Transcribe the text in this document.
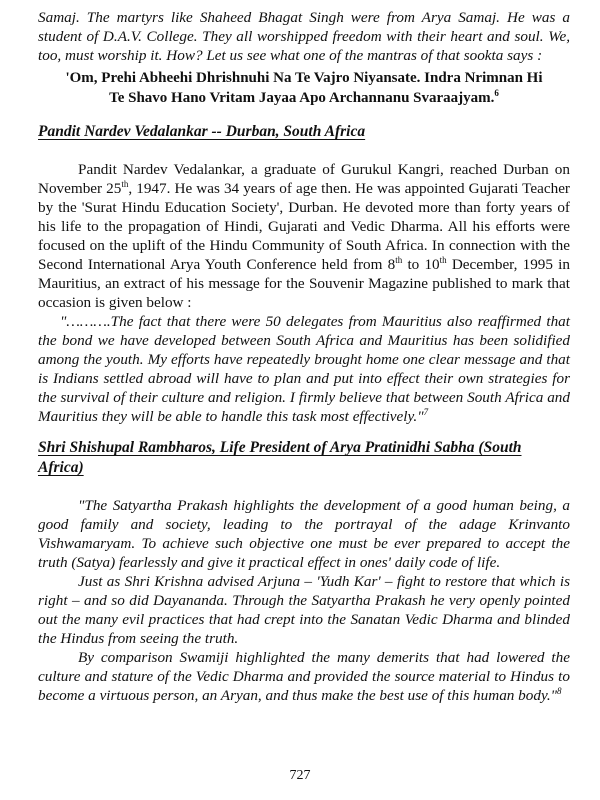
Samaj. The martyrs like Shaheed Bhagat Singh were from Arya Samaj. He was a student of D.A.V. College. They all worshipped freedom with their heart and soul. We, too, must worship it. How? Let us see what one of the mantras of that sookta says :

'Om, Prehi Abheehi Dhrishnuhi Na Te Vajro Niyansate. Indra Nrimnan Hi
Te Shavo Hano Vritam Jayaa Apo Archannanu Svaraajyam.$^6$
Pandit Nardev Vedalankar -- Durban, South Africa

Pandit Nardev Vedalankar, a graduate of Gurukul Kangri, reached Durban on November 25th, 1947. He was 34 years of age then. He was appointed Gujarati Teacher by the 'Surat Hindu Education Society', Durban. He devoted more than forty years of his life to the propagation of Hindi, Gujarati and Vedic Dharma. All his efforts were focused on the uplift of the Hindu Community of South Africa. In connection with the Second International Arya Youth Conference held from 8th to 10th December, 1995 in Mauritius, an extract of his message for the Souvenir Magazine published to mark that occasion is given below :

"……….The fact that there were 50 delegates from Mauritius also reaffirmed that the bond we have developed between South Africa and Mauritius has been solidified among the youth. My efforts have repeatedly brought home one clear message and that is Indians settled abroad will have to plan and put into effect their own strategies for the survival of their culture and religion. I firmly believe that between South Africa and Mauritius they will be able to handle this task most effectively."$^7$

Shri Shishupal Rambharos, Life President of Arya Pratinidhi Sabha (South Africa)

"The Satyartha Prakash highlights the development of a good human being, a good family and society, leading to the portrayal of the adage Krinvanto Vishwamaryam. To achieve such objective one must be ever prepared to accept the truth (Satya) fearlessly and give it practical effect in ones' daily code of life.

Just as Shri Krishna advised Arjuna – 'Yudh Kar' – fight to restore that which is right – and so did Dayananda. Through the Satyartha Prakash he very openly pointed out the many evil practices that had crept into the Sanatan Vedic Dharma and blinded the Hindus from seeing the truth.

By comparison Swamiji highlighted the many demerits that had lowered the culture and stature of the Vedic Dharma and provided the source material to Hindus to become a virtuous person, an Aryan, and thus make the best use of this human body."$^8$

727
